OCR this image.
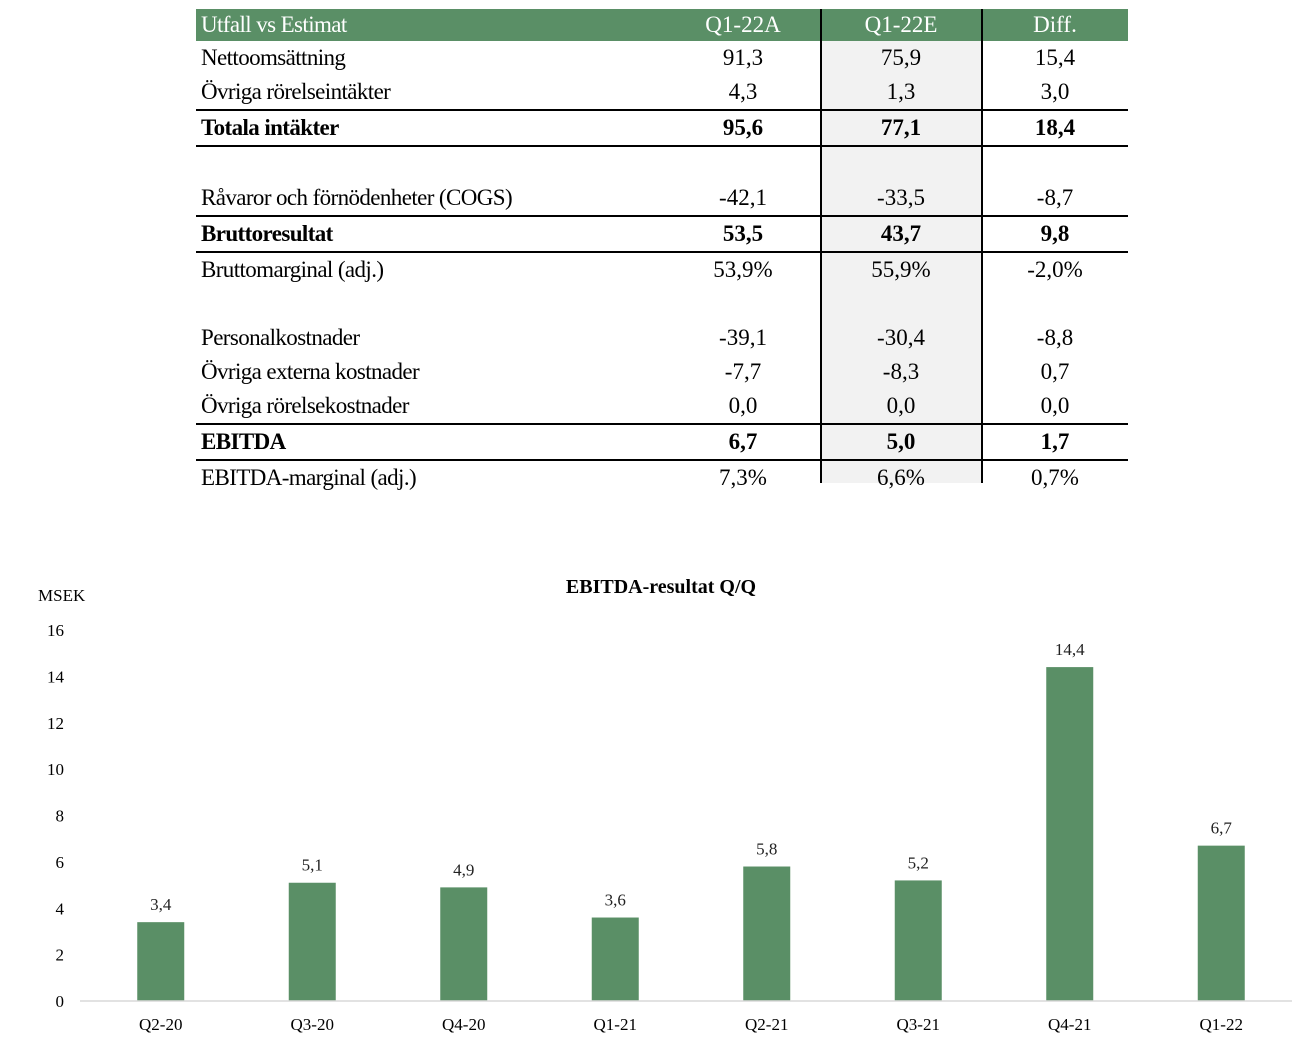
Utfall vs Estimat	Q1-22A	Q1-22E	Diff.
Nettoomsättning	91,3	75,9	15,4
Övriga rörelseintäkter	4,3	1,3	3,0
Totala intäkter	95,6	77,1	18,4
Råvaror och förnödenheter (COGS)	-42,1	-33,5	-8,7
Bruttoresultat	53,5	43,7	9,8
Bruttomarginal (adj.)	53,9%	55,9%	-2,0%
Personalkostnader	-39,1	-30,4	-8,8
Övriga externa kostnader	-7,7	-8,3	0,7
Övriga rörelsekostnader	0,0	0,0	0,0
EBITDA	6,7	5,0	1,7
EBITDA-marginal (adj.)	7,3%	6,6%	0,7%
EBITDA-resultat Q/Q
MSEK
0
2
4
6
8
10
12
14
16
3,4
5,1	4,9
3,6
5,8
5,2
14,4
6,7
Q2-20	Q3-20	Q4-20	Q1-21	Q2-21	Q3-21	Q4-21	Q1-22
